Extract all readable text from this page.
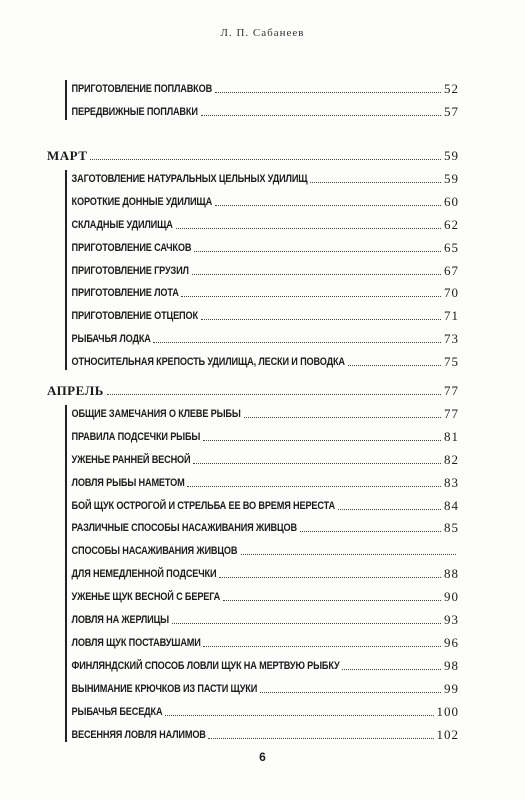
Л. П. Сабанеев
ПРИГОТОВЛЕНИЕ ПОПЛАВКОВ	52
ПЕРЕДВИЖНЫЕ ПОПЛАВКИ	57
МАРТ	59
ЗАГОТОВЛЕНИЕ НАТУРАЛЬНЫХ ЦЕЛЬНЫХ УДИЛИЩ	59
КОРОТКИЕ ДОННЫЕ УДИЛИЩА	60
СКЛАДНЫЕ УДИЛИЩА	62
ПРИГОТОВЛЕНИЕ САЧКОВ	65
ПРИГОТОВЛЕНИЕ ГРУЗИЛ	67
ПРИГОТОВЛЕНИЕ ЛОТА	70
ПРИГОТОВЛЕНИЕ ОТЦЕПОК	71
РЫБАЧЬЯ ЛОДКА	73
ОТНОСИТЕЛЬНАЯ КРЕПОСТЬ УДИЛИЩА, ЛЕСКИ И ПОВОДКА	75
АПРЕЛЬ	77
ОБЩИЕ ЗАМЕЧАНИЯ О КЛЕВЕ РЫБЫ	77
ПРАВИЛА ПОДСЕЧКИ РЫБЫ	81
УЖЕНЬЕ РАННЕЙ ВЕСНОЙ	82
ЛОВЛЯ РЫБЫ НАМЕТОМ	83
БОЙ ЩУК ОСТРОГОЙ И СТРЕЛЬБА ЕЕ ВО ВРЕМЯ НЕРЕСТА	84
РАЗЛИЧНЫЕ СПОСОБЫ НАСАЖИВАНИЯ ЖИВЦОВ	85
СПОСОБЫ НАСАЖИВАНИЯ ЖИВЦОВ
ДЛЯ НЕМЕДЛЕННОЙ ПОДСЕЧКИ	88
УЖЕНЬЕ ЩУК ВЕСНОЙ С БЕРЕГА	90
ЛОВЛЯ НА ЖЕРЛИЦЫ	93
ЛОВЛЯ ЩУК ПОСТАВУШАМИ	96
ФИНЛЯНДСКИЙ СПОСОБ ЛОВЛИ ЩУК НА МЕРТВУЮ РЫБКУ	98
ВЫНИМАНИЕ КРЮЧКОВ ИЗ ПАСТИ ЩУКИ	99
РЫБАЧЬЯ БЕСЕДКА	100
ВЕСЕННЯЯ ЛОВЛЯ НАЛИМОВ	102
6
